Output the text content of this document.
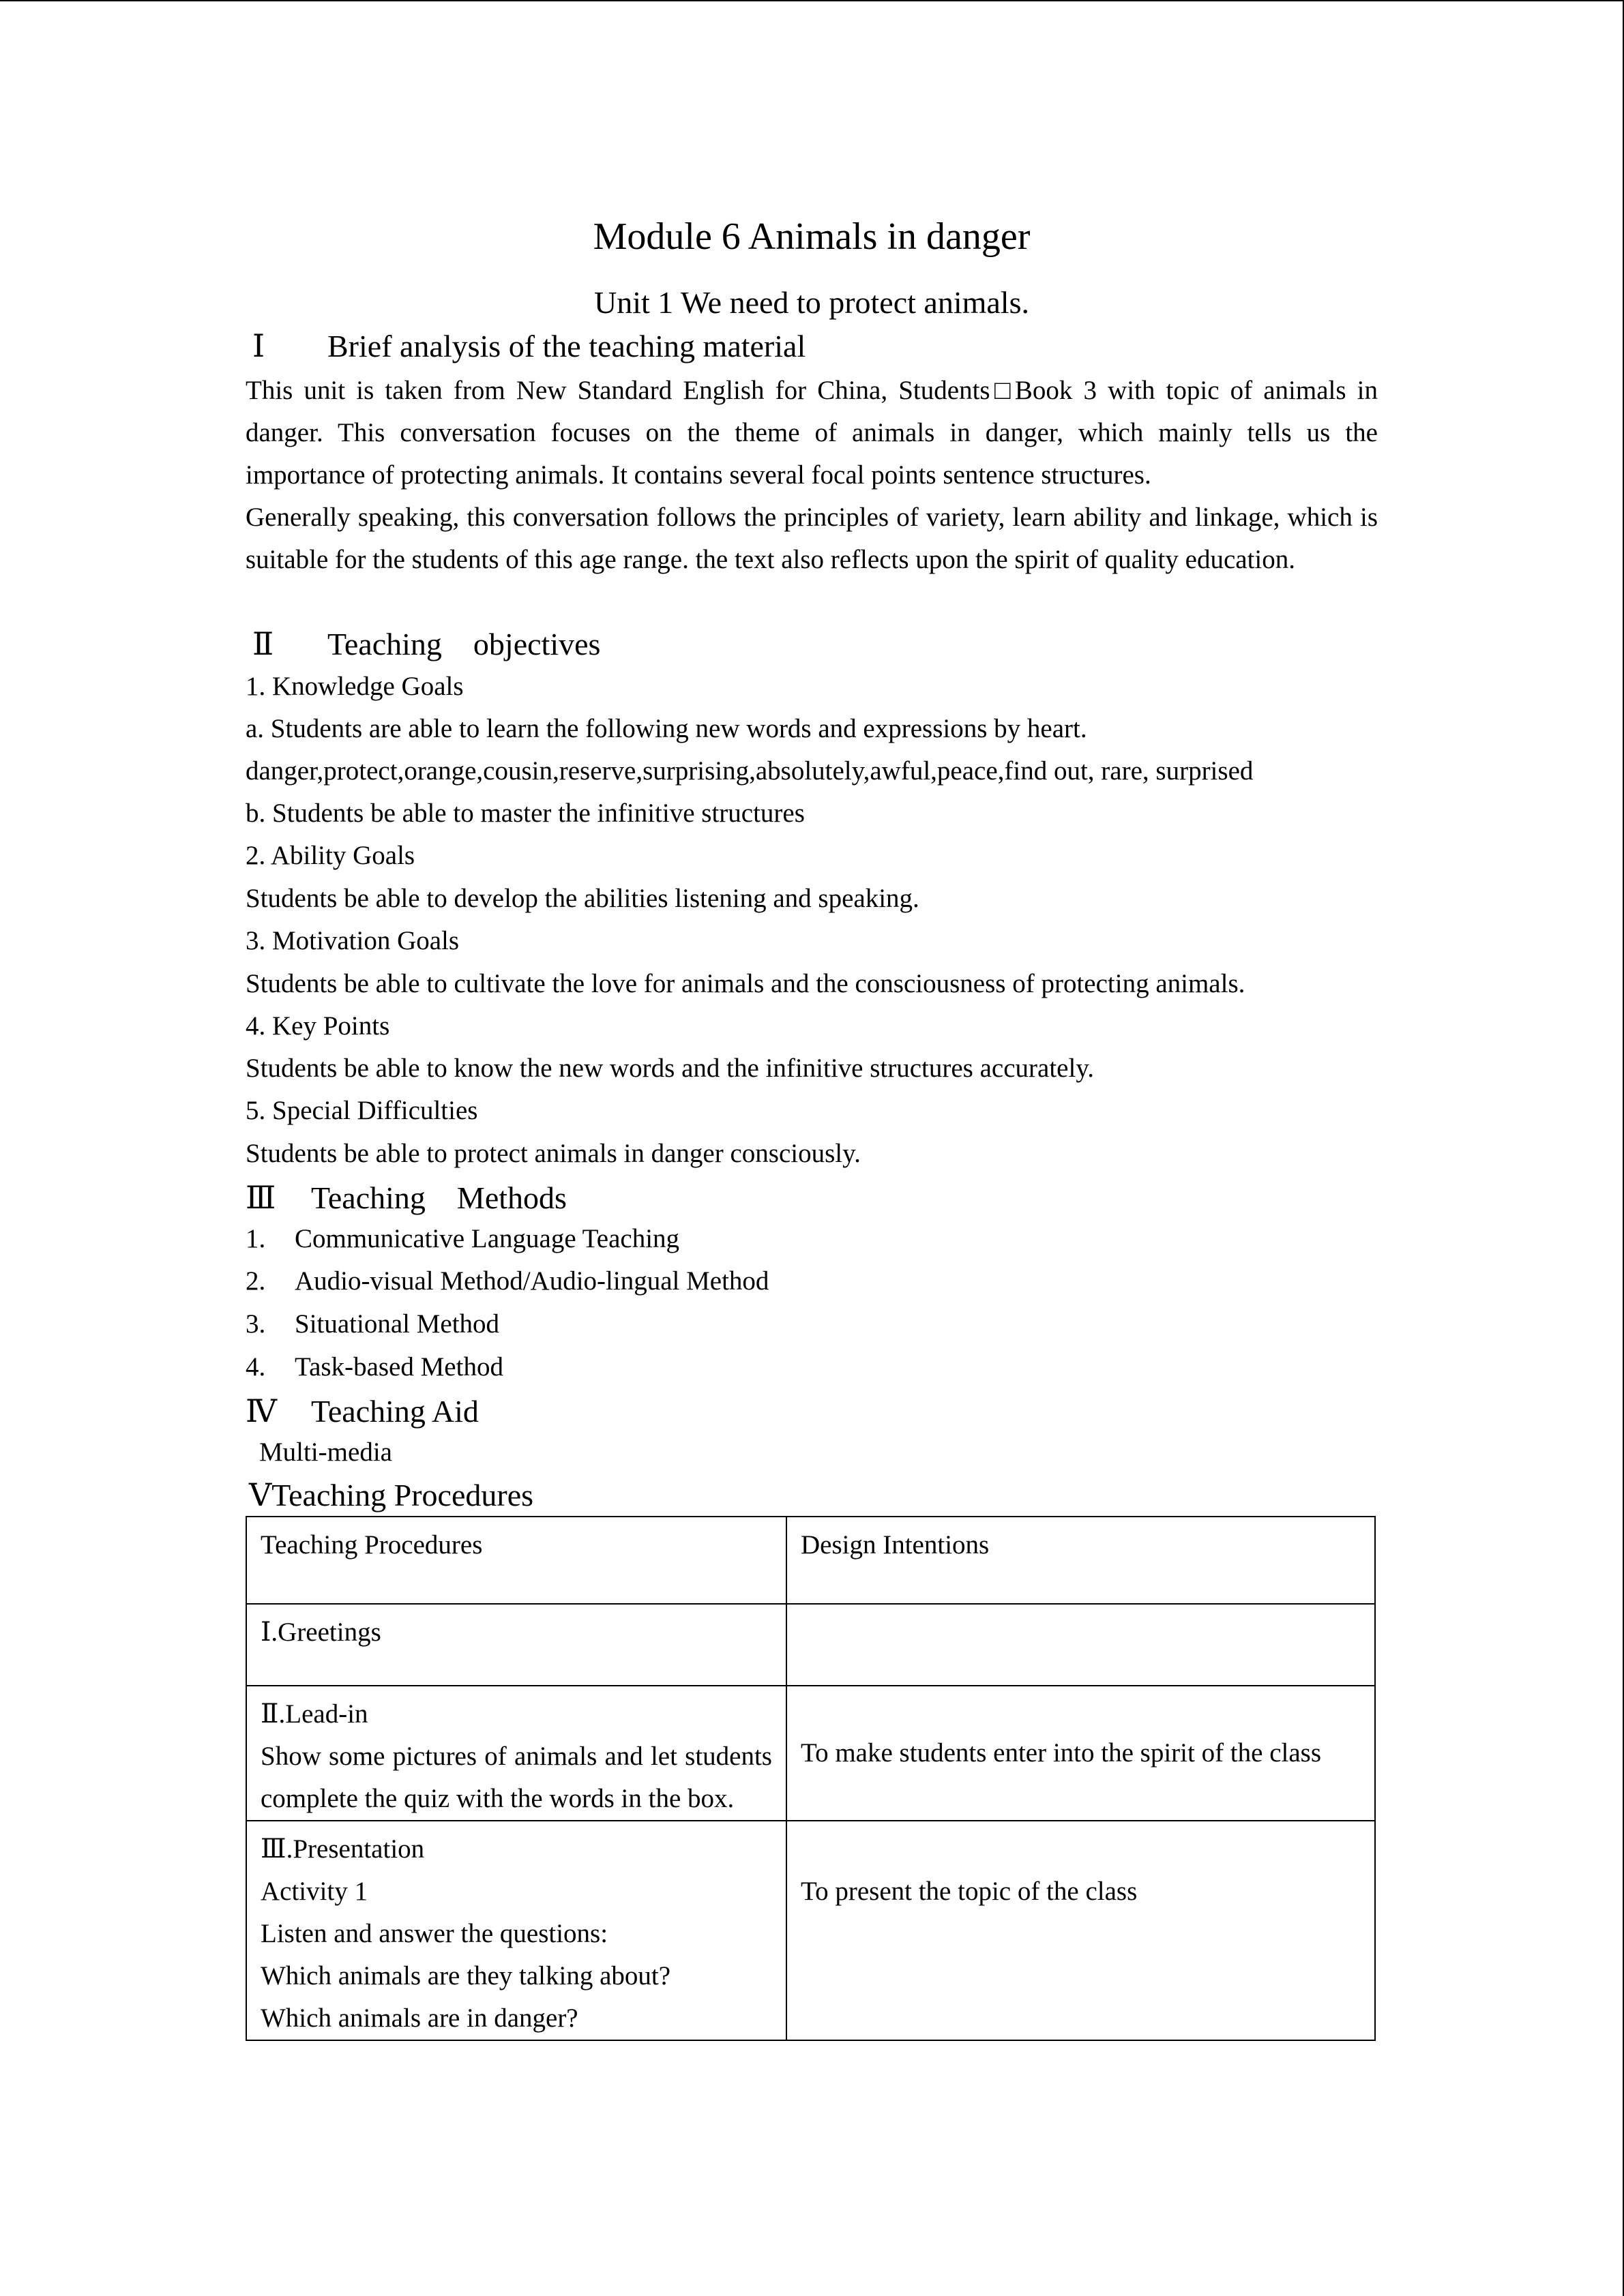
Module 6 Animals in danger
Unit 1 We need to protect animals.
Ⅰ Brief analysis of the teaching material
This unit is taken from New Standard English for China, Students□Book 3 with topic of animals in danger. This conversation focuses on the theme of animals in danger, which mainly tells us the importance of protecting animals. It contains several focal points sentence structures.
Generally speaking, this conversation follows the principles of variety, learn ability and linkage, which is suitable for the students of this age range. the text also reflects upon the spirit of quality education.
Ⅱ Teaching    objectives
1. Knowledge Goals
a. Students are able to learn the following new words and expressions by heart.
danger,protect,orange,cousin,reserve,surprising,absolutely,awful,peace,find out, rare, surprised
b. Students be able to master the infinitive structures
2. Ability Goals
Students be able to develop the abilities listening and speaking.
3. Motivation Goals
Students be able to cultivate the love for animals and the consciousness of protecting animals.
4. Key Points
Students be able to know the new words and the infinitive structures accurately.
5. Special Difficulties
Students be able to protect animals in danger consciously.
Ⅲ Teaching    Methods
1. Communicative Language Teaching
2. Audio-visual Method/Audio-lingual Method
3. Situational Method
4. Task-based Method
Ⅳ Teaching Aid
Multi-media
ⅤTeaching Procedures
Teaching Procedures	Design Intentions

Ⅰ.Greetings	

Ⅱ.Lead-in
Show some pictures of animals and let students complete the quiz with the words in the box.	To make students enter into the spirit of the class

Ⅲ.Presentation
Activity 1
Listen and answer the questions:
Which animals are they talking about?
Which animals are in danger?	To present the topic of the class
